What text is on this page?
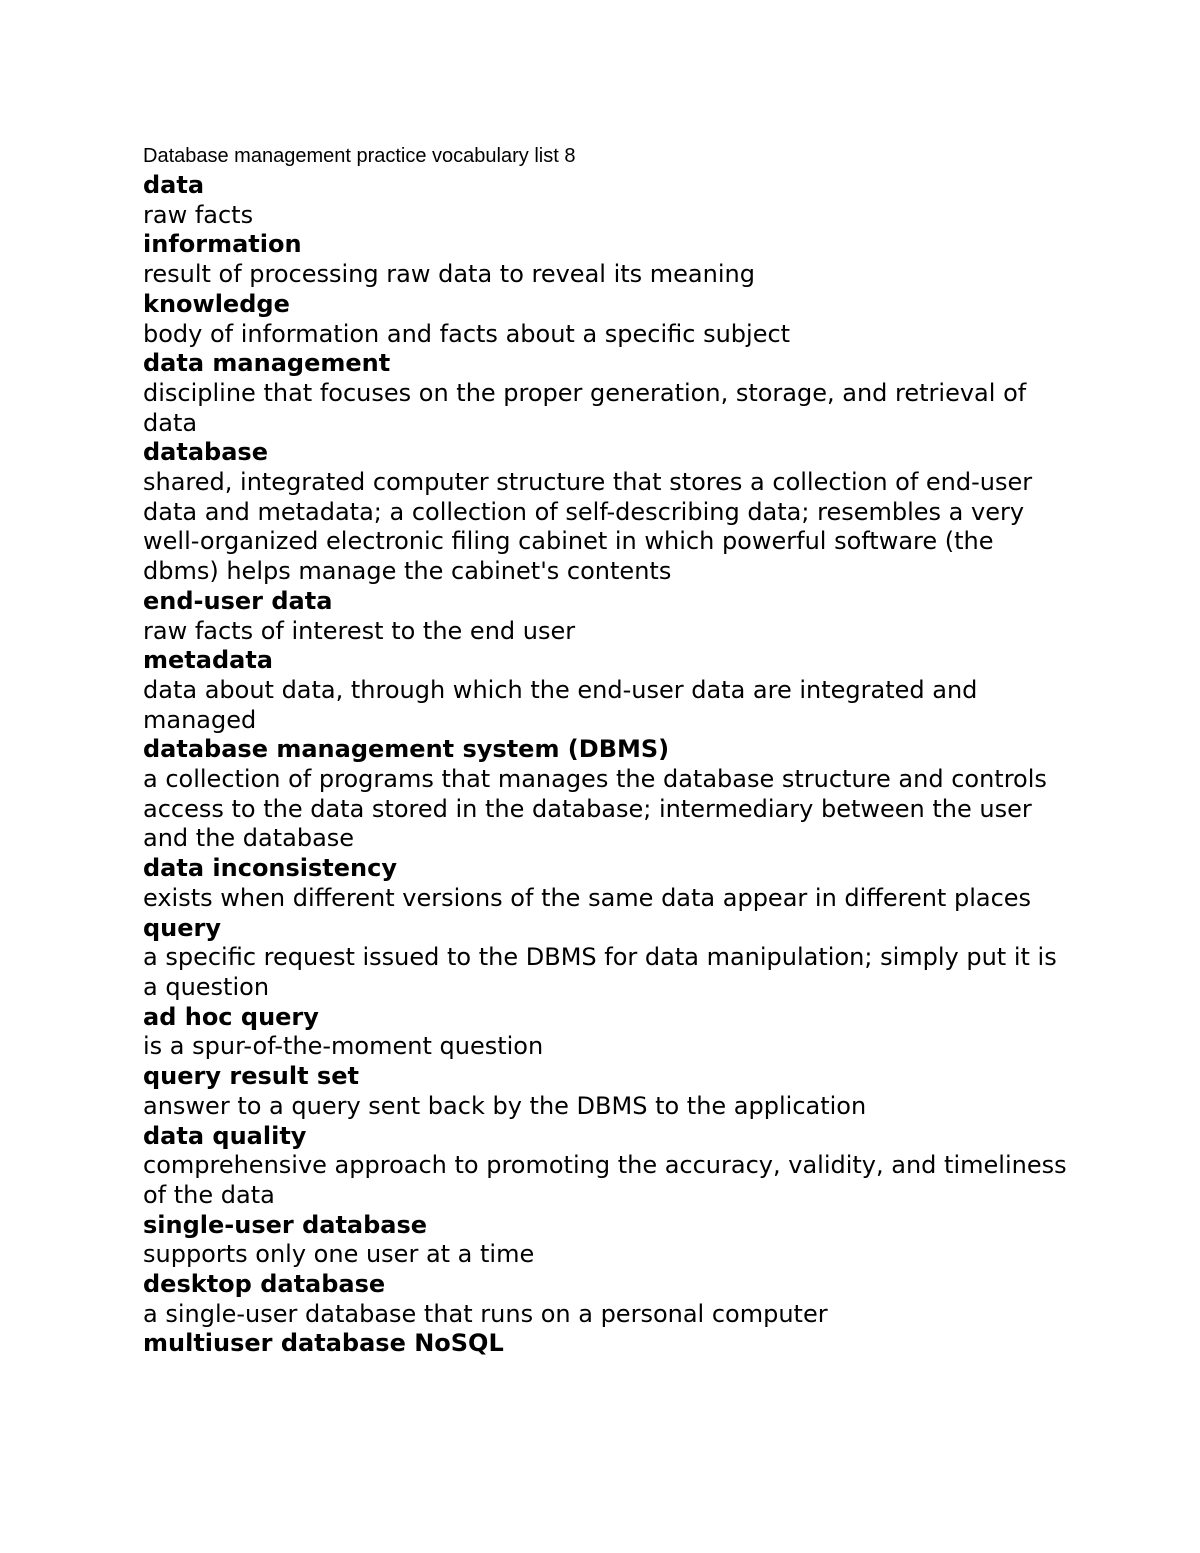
Database management practice vocabulary list 8
data
raw facts
information
result of processing raw data to reveal its meaning
knowledge
body of information and facts about a specific subject
data management
discipline that focuses on the proper generation, storage, and retrieval of data
database
shared, integrated computer structure that stores a collection of end-user data and metadata; a collection of self-describing data; resembles a very well-organized electronic filing cabinet in which powerful software (the dbms) helps manage the cabinet's contents
end-user data
raw facts of interest to the end user
metadata
data about data, through which the end-user data are integrated and managed
database management system (DBMS)
a collection of programs that manages the database structure and controls access to the data stored in the database; intermediary between the user and the database
data inconsistency
exists when different versions of the same data appear in different places
query
a specific request issued to the DBMS for data manipulation; simply put it is a question
ad hoc query
is a spur-of-the-moment question
query result set
answer to a query sent back by the DBMS to the application
data quality
comprehensive approach to promoting the accuracy, validity, and timeliness of the data
single-user database
supports only one user at a time
desktop database
a single-user database that runs on a personal computer
multiuser database NoSQL
